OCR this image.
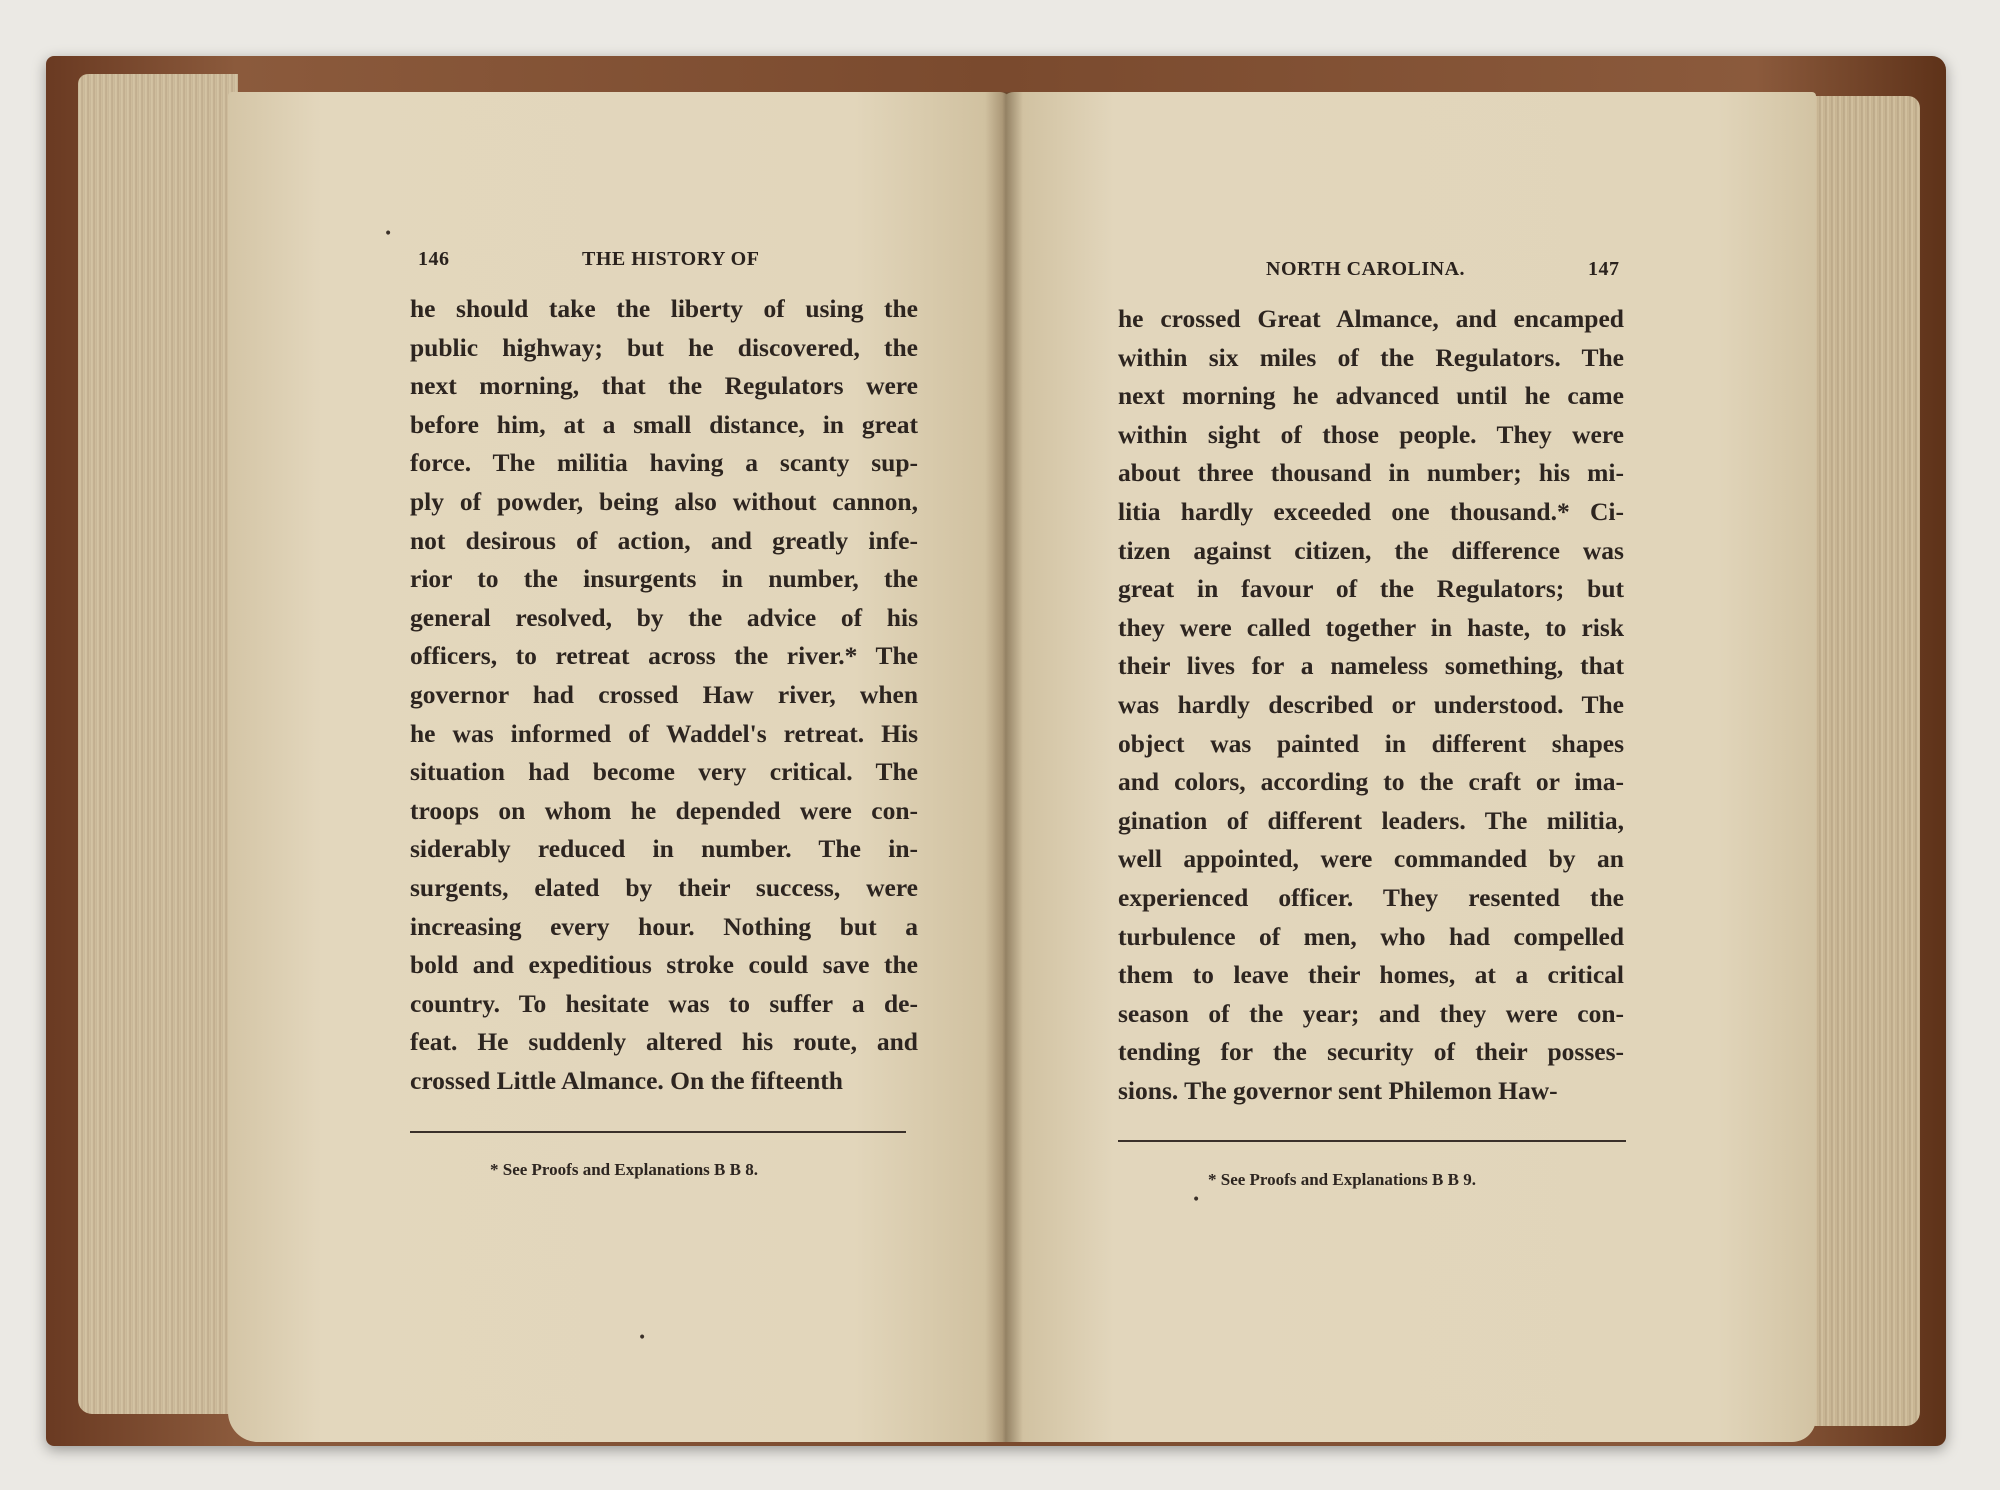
146	THE HISTORY OF
he should take the liberty of using the
public highway; but he discovered, the
next morning, that the Regulators were
before him, at a small distance, in great
force. The militia having a scanty sup-
ply of powder, being also without cannon,
not desirous of action, and greatly infe-
rior to the insurgents in number, the
general resolved, by the advice of his
officers, to retreat across the river.* The
governor had crossed Haw river, when
he was informed of Waddel's retreat. His
situation had become very critical. The
troops on whom he depended were con-
siderably reduced in number. The in-
surgents, elated by their success, were
increasing every hour. Nothing but a
bold and expeditious stroke could save the
country. To hesitate was to suffer a de-
feat. He suddenly altered his route, and
crossed Little Almance. On the fifteenth
* See Proofs and Explanations B B 8.
NORTH CAROLINA.	147
he crossed Great Almance, and encamped
within six miles of the Regulators. The
next morning he advanced until he came
within sight of those people. They were
about three thousand in number; his mi-
litia hardly exceeded one thousand.* Ci-
tizen against citizen, the difference was
great in favour of the Regulators; but
they were called together in haste, to risk
their lives for a nameless something, that
was hardly described or understood. The
object was painted in different shapes
and colors, according to the craft or ima-
gination of different leaders. The militia,
well appointed, were commanded by an
experienced officer. They resented the
turbulence of men, who had compelled
them to leave their homes, at a critical
season of the year; and they were con-
tending for the security of their posses-
sions. The governor sent Philemon Haw-
* See Proofs and Explanations B B 9.
•
•
•
